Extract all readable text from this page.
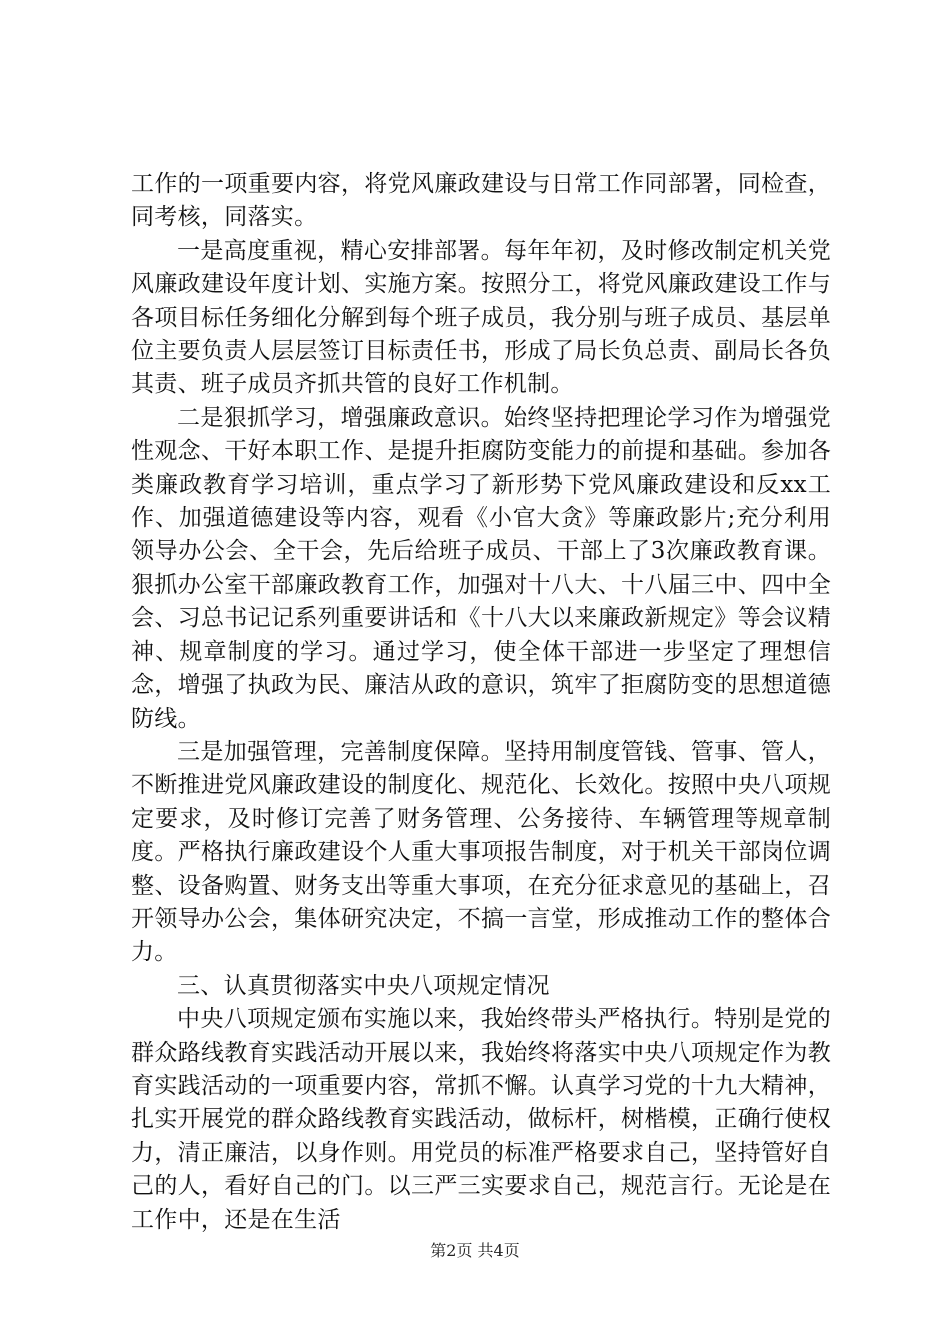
工作的一项重要内容，将党风廉政建设与日常工作同部署，同检查，同考核，同落实。

一是高度重视，精心安排部署。每年年初，及时修改制定机关党风廉政建设年度计划、实施方案。按照分工，将党风廉政建设工作与各项目标任务细化分解到每个班子成员，我分别与班子成员、基层单位主要负责人层层签订目标责任书，形成了局长负总责、副局长各负其责、班子成员齐抓共管的良好工作机制。

二是狠抓学习，增强廉政意识。始终坚持把理论学习作为增强党性观念、干好本职工作、是提升拒腐防变能力的前提和基础。参加各类廉政教育学习培训，重点学习了新形势下党风廉政建设和反xx工作、加强道德建设等内容，观看《小官大贪》等廉政影片;充分利用领导办公会、全干会，先后给班子成员、干部上了3次廉政教育课。狠抓办公室干部廉政教育工作，加强对十八大、十八届三中、四中全会、习总书记记系列重要讲话和《十八大以来廉政新规定》等会议精神、规章制度的学习。通过学习，使全体干部进一步坚定了理想信念，增强了执政为民、廉洁从政的意识，筑牢了拒腐防变的思想道德防线。

三是加强管理，完善制度保障。坚持用制度管钱、管事、管人，不断推进党风廉政建设的制度化、规范化、长效化。按照中央八项规定要求，及时修订完善了财务管理、公务接待、车辆管理等规章制度。严格执行廉政建设个人重大事项报告制度，对于机关干部岗位调整、设备购置、财务支出等重大事项，在充分征求意见的基础上，召开领导办公会，集体研究决定，不搞一言堂，形成推动工作的整体合力。

三、认真贯彻落实中央八项规定情况

中央八项规定颁布实施以来，我始终带头严格执行。特别是党的群众路线教育实践活动开展以来，我始终将落实中央八项规定作为教育实践活动的一项重要内容，常抓不懈。认真学习党的十九大精神，扎实开展党的群众路线教育实践活动，做标杆，树楷模，正确行使权力，清正廉洁，以身作则。用党员的标准严格要求自己，坚持管好自己的人，看好自己的门。以三严三实要求自己，规范言行。无论是在工作中，还是在生活

第2页 共4页
